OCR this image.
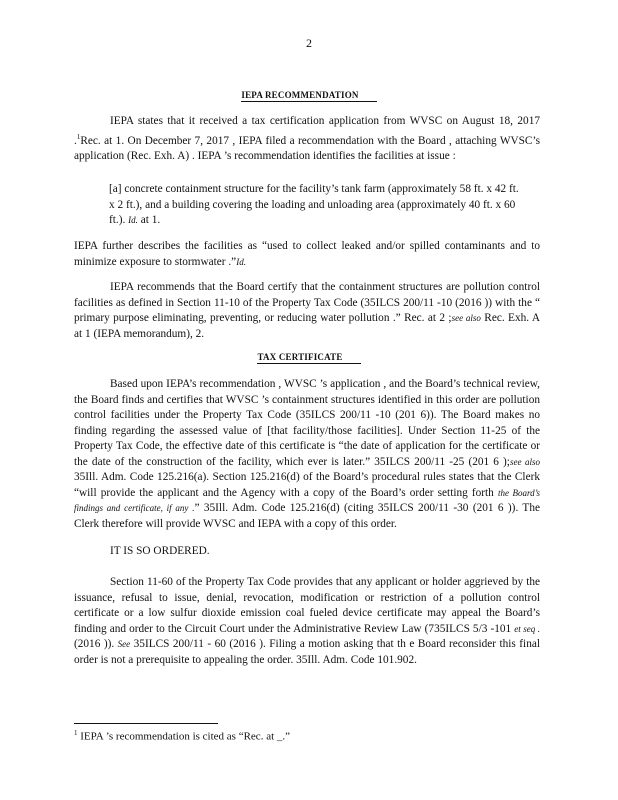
2
IEPA RECOMMENDATION

IEPA states that it received a tax certification application from WVSC on August 18, 2017 .$^1$Rec. at 1. On December 7, 2017 , IEPA filed a recommendation with the Board , attaching WVSC’s application (Rec. Exh. A) . IEPA ’s recommendation identifies the facilities at issue :

[a] concrete containment structure for the facility’s tank farm (approximately 58 ft. x 42 ft. x 2 ft.), and a building covering the loading and unloading area (approximately 40 ft. x 60 ft.). Id. at 1.

IEPA further describes the facilities as “used to collect leaked and/or spilled contaminants and to minimize exposure to stormwater .”Id.

IEPA recommends that the Board certify that the containment structures are pollution control facilities as defined in Section 11-10 of the Property Tax Code (35ILCS 200/11 -10 (2016 )) with the “ primary purpose eliminating, preventing, or reducing water pollution .” Rec. at 2 ;see also Rec. Exh. A at 1 (IEPA memorandum), 2.

TAX CERTIFICATE

Based upon IEPA’s recommendation , WVSC ’s application , and the Board’s technical review, the Board finds and certifies that WVSC ’s containment structures identified in this order are pollution control facilities under the Property Tax Code (35ILCS 200/11 -10 (201 6)). The Board makes no finding regarding the assessed value of [that facility/those facilities]. Under Section 11-25 of the Property Tax Code, the effective date of this certificate is “the date of application for the certificate or the date of the construction of the facility, which ever is later.” 35ILCS 200/11 -25 (201 6 );see also 35Ill. Adm. Code 125.216(a). Section 125.216(d) of the Board’s procedural rules states that the Clerk “will provide the applicant and the Agency with a copy of the Board’s order setting forth the Board’s findings and certificate, if any .” 35Ill. Adm. Code 125.216(d) (citing 35ILCS 200/11 -30 (201 6 )). The Clerk therefore will provide WVSC and IEPA with a copy of this order.

IT IS SO ORDERED.

Section 11-60 of the Property Tax Code provides that any applicant or holder aggrieved by the issuance, refusal to issue, denial, revocation, modification or restriction of a pollution control certificate or a low sulfur dioxide emission coal fueled device certificate may appeal the Board’s finding and order to the Circuit Court under the Administrative Review Law (735ILCS 5/3 -101 et seq . (2016 )). See 35ILCS 200/11 - 60 (2016 ). Filing a motion asking that th e Board reconsider this final order is not a prerequisite to appealing the order. 35Ill. Adm. Code 101.902.

$^1$ IEPA ’s recommendation is cited as “Rec. at _.”
